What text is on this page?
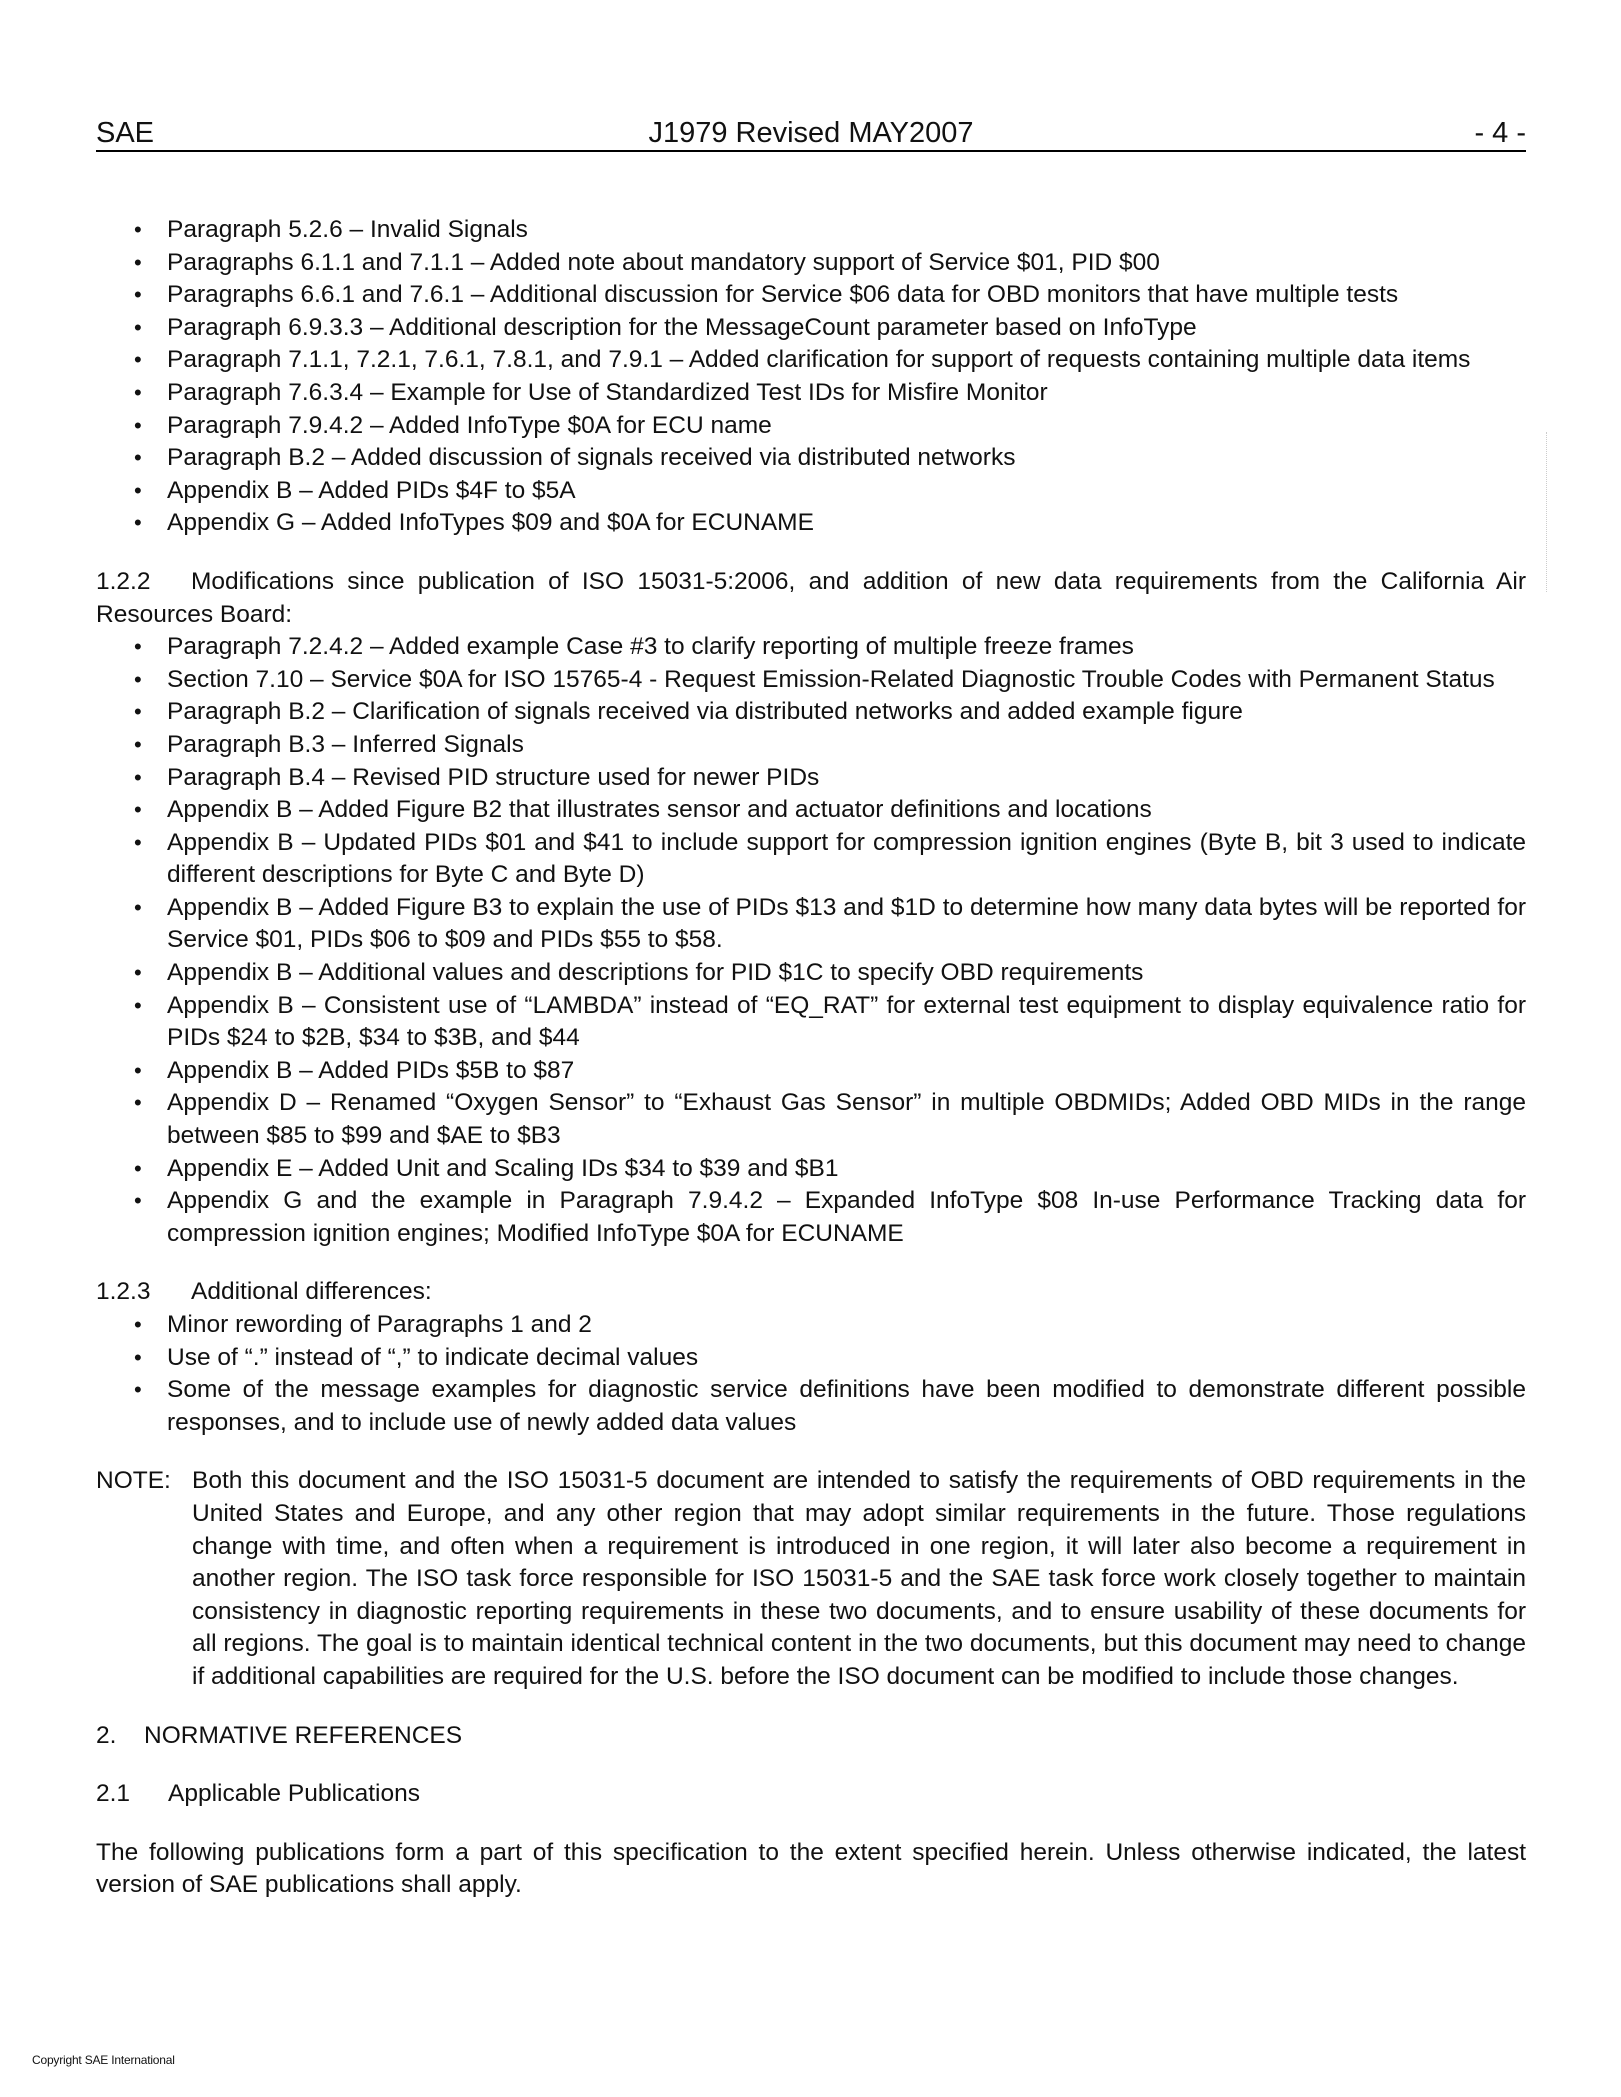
SAE	J1979 Revised MAY2007	- 4 -
• Paragraph 5.2.6 – Invalid Signals
• Paragraphs 6.1.1 and 7.1.1 – Added note about mandatory support of Service $01, PID $00
• Paragraphs 6.6.1 and 7.6.1 – Additional discussion for Service $06 data for OBD monitors that have multiple tests
• Paragraph 6.9.3.3 – Additional description for the MessageCount parameter based on InfoType
• Paragraph 7.1.1, 7.2.1, 7.6.1, 7.8.1, and 7.9.1 – Added clarification for support of requests containing multiple data items
• Paragraph 7.6.3.4 – Example for Use of Standardized Test IDs for Misfire Monitor
• Paragraph 7.9.4.2 – Added InfoType $0A for ECU name
• Paragraph B.2 – Added discussion of signals received via distributed networks
• Appendix B – Added PIDs $4F to $5A
• Appendix G – Added InfoTypes $09 and $0A for ECUNAME

1.2.2 Modifications since publication of ISO 15031-5:2006, and addition of new data requirements from the California Air Resources Board:

• Paragraph 7.2.4.2 – Added example Case #3 to clarify reporting of multiple freeze frames
• Section 7.10 – Service $0A for ISO 15765-4 - Request Emission-Related Diagnostic Trouble Codes with Permanent Status
• Paragraph B.2 – Clarification of signals received via distributed networks and added example figure
• Paragraph B.3 – Inferred Signals
• Paragraph B.4 – Revised PID structure used for newer PIDs
• Appendix B – Added Figure B2 that illustrates sensor and actuator definitions and locations
• Appendix B – Updated PIDs $01 and $41 to include support for compression ignition engines (Byte B, bit 3 used to indicate different descriptions for Byte C and Byte D)
• Appendix B – Added Figure B3 to explain the use of PIDs $13 and $1D to determine how many data bytes will be reported for Service $01, PIDs $06 to $09 and PIDs $55 to $58.
• Appendix B – Additional values and descriptions for PID $1C to specify OBD requirements
• Appendix B – Consistent use of “LAMBDA” instead of “EQ_RAT” for external test equipment to display equivalence ratio for PIDs $24 to $2B, $34 to $3B, and $44
• Appendix B – Added PIDs $5B to $87
• Appendix D – Renamed “Oxygen Sensor” to “Exhaust Gas Sensor” in multiple OBDMIDs; Added OBD MIDs in the range between $85 to $99 and $AE to $B3
• Appendix E – Added Unit and Scaling IDs $34 to $39 and $B1
• Appendix G and the example in Paragraph 7.9.4.2 – Expanded InfoType $08 In-use Performance Tracking data for compression ignition engines; Modified InfoType $0A for ECUNAME

1.2.3 Additional differences:

• Minor rewording of Paragraphs 1 and 2
• Use of “.” instead of “,” to indicate decimal values
• Some of the message examples for diagnostic service definitions have been modified to demonstrate different possible responses, and to include use of newly added data values
NOTE: Both this document and the ISO 15031-5 document are intended to satisfy the requirements of OBD requirements in the United States and Europe, and any other region that may adopt similar requirements in the future. Those regulations change with time, and often when a requirement is introduced in one region, it will later also become a requirement in another region. The ISO task force responsible for ISO 15031-5 and the SAE task force work closely together to maintain consistency in diagnostic reporting requirements in these two documents, and to ensure usability of these documents for all regions. The goal is to maintain identical technical content in the two documents, but this document may need to change if additional capabilities are required for the U.S. before the ISO document can be modified to include those changes.

2. NORMATIVE REFERENCES

2.1 Applicable Publications

The following publications form a part of this specification to the extent specified herein. Unless otherwise indicated, the latest version of SAE publications shall apply.

Copyright SAE International
